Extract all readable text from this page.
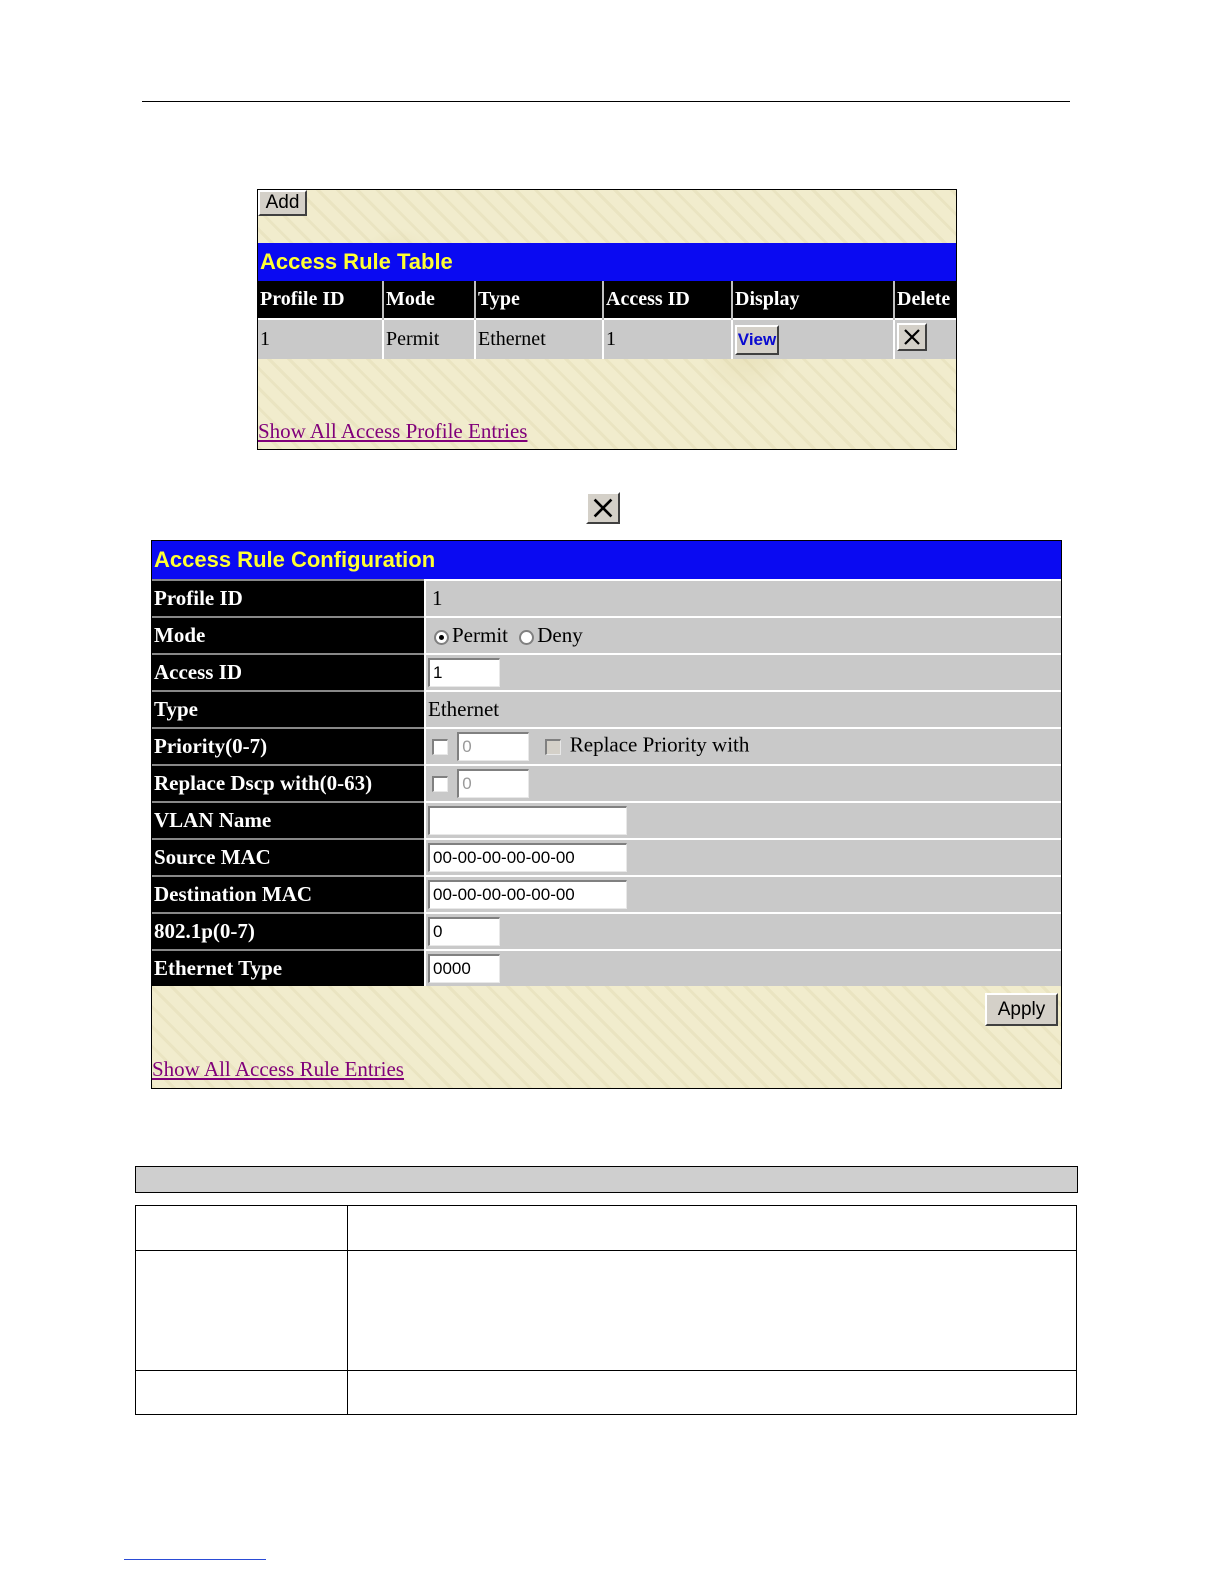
Add
Access Rule Table
Profile ID	Mode	Type	Access ID	Display	Delete
1	Permit	Ethernet	1	View	
Show All Access Profile Entries
Access Rule Configuration
Profile ID	1
Mode	Permit Deny
Access ID	1
Type	Ethernet
Priority(0-7)	0 Replace Priority with
Replace Dscp with(0-63)	0
VLAN Name	
Source MAC	00-00-00-00-00-00
Destination MAC	00-00-00-00-00-00
802.1p(0-7)	0
Ethernet Type	0000
Apply
Show All Access Rule Entries
